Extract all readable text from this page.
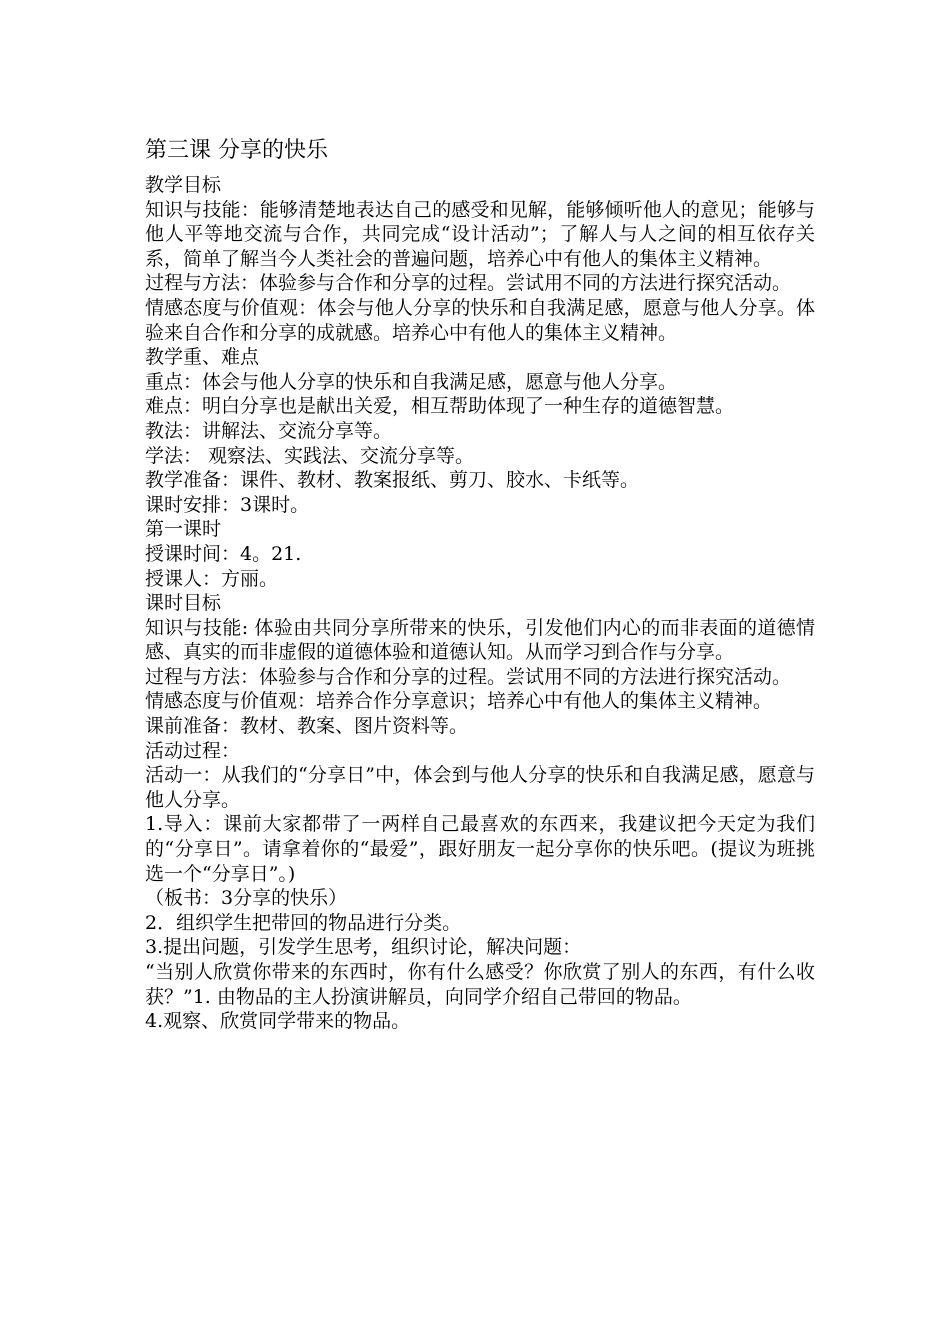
第三课 分享的快乐

教学目标

知识与技能：能够清楚地表达自己的感受和见解，能够倾听他人的意见；能够与他人平等地交流与合作，共同完成“设计活动”；了解人与人之间的相互依存关系，简单了解当今人类社会的普遍问题，培养心中有他人的集体主义精神。

过程与方法：体验参与合作和分享的过程。尝试用不同的方法进行探究活动。

情感态度与价值观：体会与他人分享的快乐和自我满足感，愿意与他人分享。体验来自合作和分享的成就感。培养心中有他人的集体主义精神。

教学重、难点

重点：体会与他人分享的快乐和自我满足感，愿意与他人分享。

难点：明白分享也是献出关爱，相互帮助体现了一种生存的道德智慧。

教法：讲解法、交流分享等。

学法： 观察法、实践法、交流分享等。

教学准备：课件、教材、教案报纸、剪刀、胶水、卡纸等。

课时安排：3课时。

第一课时

授课时间：4。21.

授课人：方丽。

课时目标

知识与技能: 体验由共同分享所带来的快乐，引发他们内心的而非表面的道德情感、真实的而非虚假的道德体验和道德认知。从而学习到合作与分享。

过程与方法：体验参与合作和分享的过程。尝试用不同的方法进行探究活动。

情感态度与价值观：培养合作分享意识；培养心中有他人的集体主义精神。

课前准备：教材、教案、图片资料等。

活动过程：

活动一：从我们的“分享日”中，体会到与他人分享的快乐和自我满足感，愿意与他人分享。

1.导入：课前大家都带了一两样自己最喜欢的东西来，我建议把今天定为我们的“分享日”。请拿着你的“最爱”，跟好朋友一起分享你的快乐吧。(提议为班挑选一个“分享日”。)

（板书：3分享的快乐）

2．组织学生把带回的物品进行分类。

3.提出问题，引发学生思考，组织讨论，解决问题：

“当别人欣赏你带来的东西时，你有什么感受？你欣赏了别人的东西，有什么收获？”1. 由物品的主人扮演讲解员，向同学介绍自己带回的物品。

4.观察、欣赏同学带来的物品。
